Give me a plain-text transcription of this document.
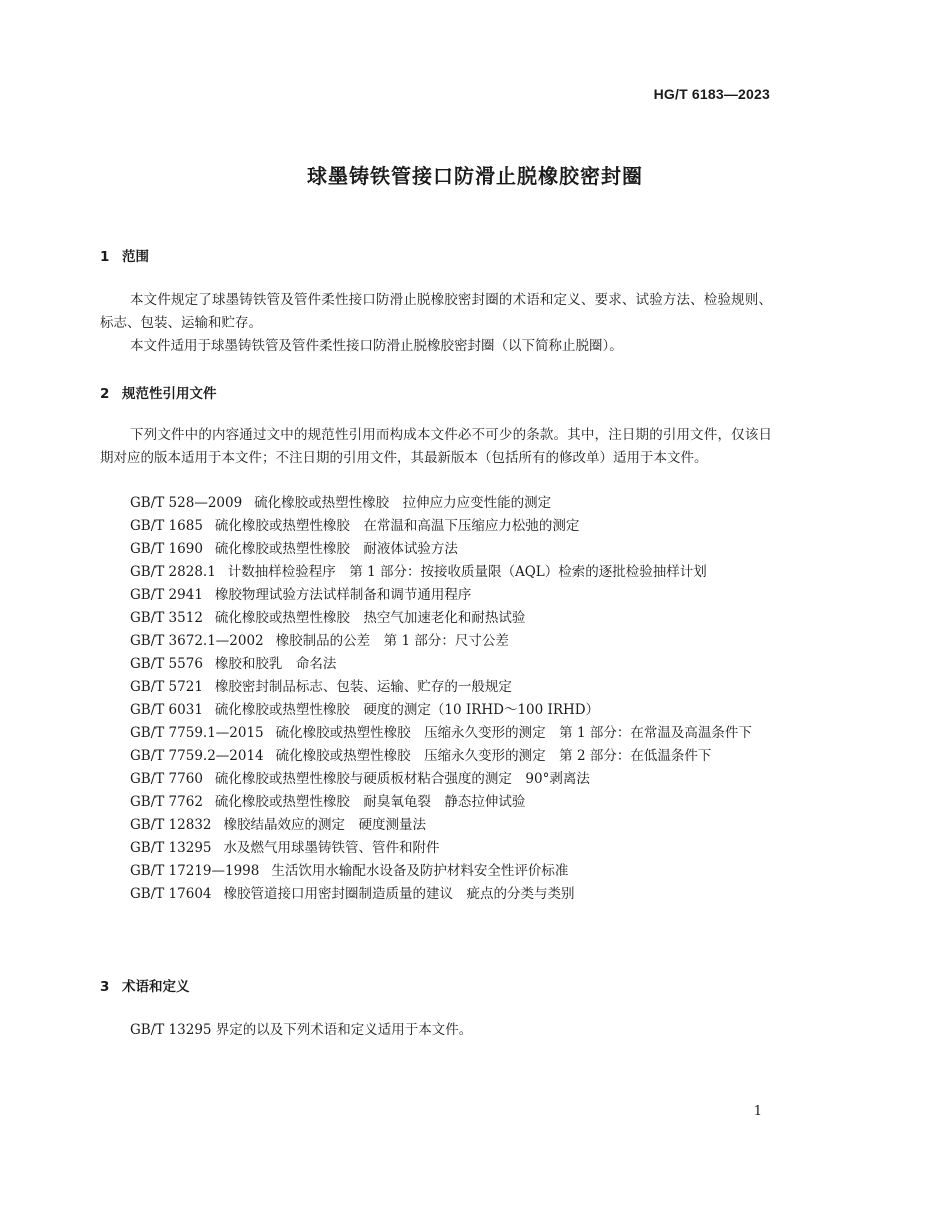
HG/T 6183—2023
球墨铸铁管接口防滑止脱橡胶密封圈
1 范围
本文件规定了球墨铸铁管及管件柔性接口防滑止脱橡胶密封圈的术语和定义、要求、试验方法、检验规则、标志、包装、运输和贮存。
本文件适用于球墨铸铁管及管件柔性接口防滑止脱橡胶密封圈（以下简称止脱圈）。
2 规范性引用文件
下列文件中的内容通过文中的规范性引用而构成本文件必不可少的条款。其中，注日期的引用文件，仅该日期对应的版本适用于本文件；不注日期的引用文件，其最新版本（包括所有的修改单）适用于本文件。
GB/T 528—2009 硫化橡胶或热塑性橡胶　拉伸应力应变性能的测定
GB/T 1685 硫化橡胶或热塑性橡胶　在常温和高温下压缩应力松弛的测定
GB/T 1690 硫化橡胶或热塑性橡胶　耐液体试验方法
GB/T 2828.1 计数抽样检验程序　第 1 部分：按接收质量限（AQL）检索的逐批检验抽样计划
GB/T 2941 橡胶物理试验方法试样制备和调节通用程序
GB/T 3512 硫化橡胶或热塑性橡胶　热空气加速老化和耐热试验
GB/T 3672.1—2002 橡胶制品的公差　第 1 部分：尺寸公差
GB/T 5576 橡胶和胶乳　命名法
GB/T 5721 橡胶密封制品标志、包装、运输、贮存的一般规定
GB/T 6031 硫化橡胶或热塑性橡胶　硬度的测定（10 IRHD～100 IRHD）
GB/T 7759.1—2015 硫化橡胶或热塑性橡胶　压缩永久变形的测定　第 1 部分：在常温及高温条件下
GB/T 7759.2—2014 硫化橡胶或热塑性橡胶　压缩永久变形的测定　第 2 部分：在低温条件下
GB/T 7760 硫化橡胶或热塑性橡胶与硬质板材粘合强度的测定　90°剥离法
GB/T 7762 硫化橡胶或热塑性橡胶　耐臭氧龟裂　静态拉伸试验
GB/T 12832 橡胶结晶效应的测定　硬度测量法
GB/T 13295 水及燃气用球墨铸铁管、管件和附件
GB/T 17219—1998 生活饮用水输配水设备及防护材料安全性评价标准
GB/T 17604 橡胶管道接口用密封圈制造质量的建议　疵点的分类与类别
3 术语和定义
GB/T 13295 界定的以及下列术语和定义适用于本文件。
1
